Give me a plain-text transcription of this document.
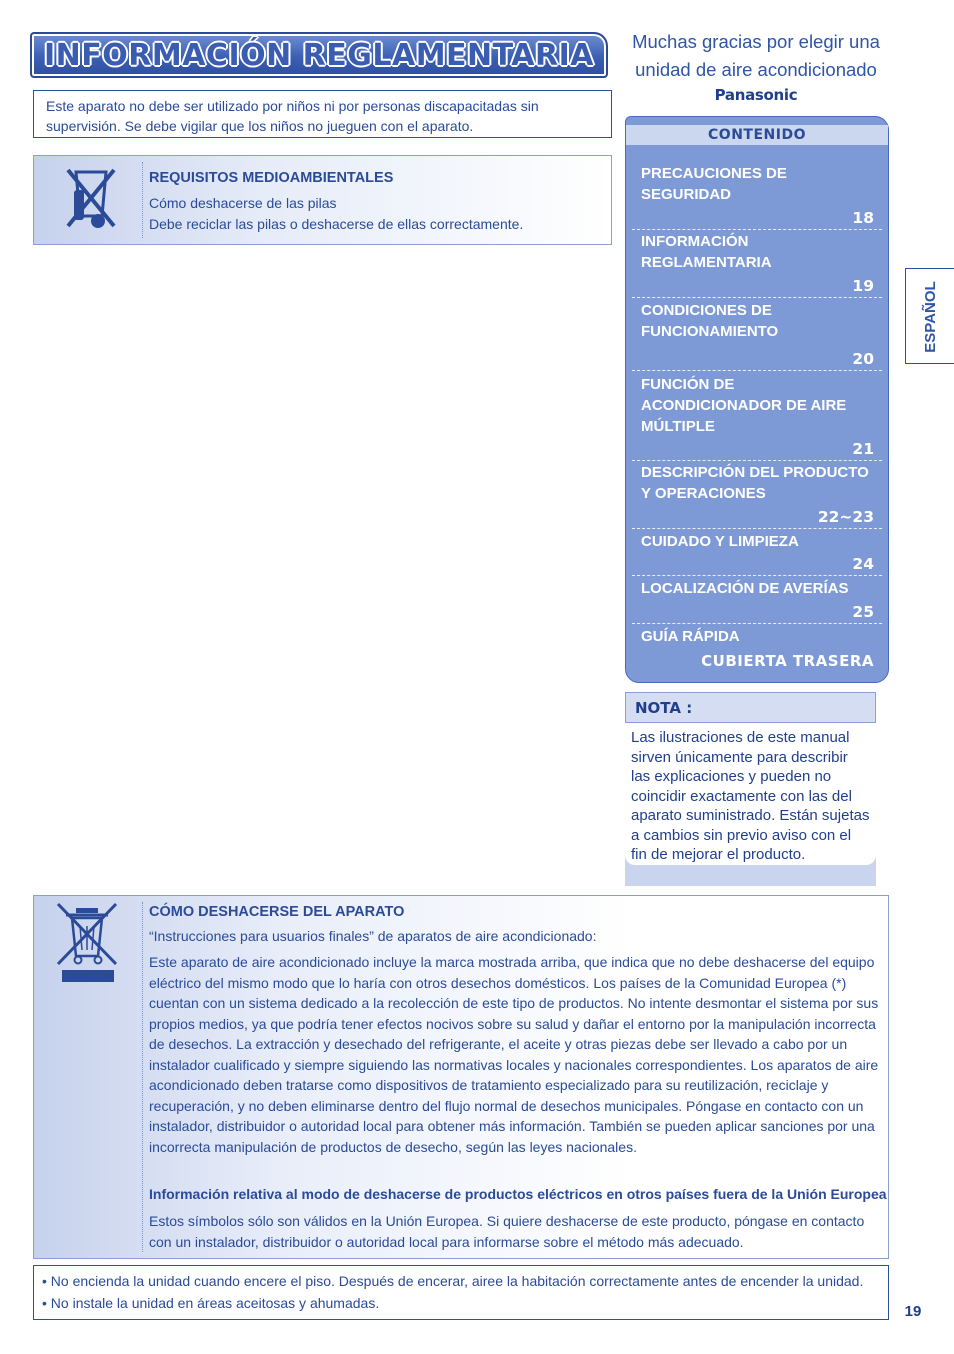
INFORMACIÓN REGLAMENTARIA	Muchas gracias por elegir una
unidad de aire acondicionado
Panasonic
Este aparato no debe ser utilizado por niños ni por personas discapacitadas sin
supervisión. Se debe vigilar que los niños no jueguen con el aparato.
REQUISITOS MEDIOAMBIENTALES
Cómo deshacerse de las pilas
Debe reciclar las pilas o deshacerse de ellas correctamente.
CONTENIDO
PRECAUCIONES DE SEGURIDAD
18
INFORMACIÓN REGLAMENTARIA
19
CONDICIONES DE FUNCIONAMIENTO
20
FUNCIÓN DE ACONDICIONADOR DE AIRE MÚLTIPLE
21
DESCRIPCIÓN DEL PRODUCTO Y OPERACIONES
22~23
CUIDADO Y LIMPIEZA
24
LOCALIZACIÓN DE AVERÍAS
25
GUÍA RÁPIDA
CUBIERTA TRASERA
NOTA :
Las ilustraciones de este manual sirven únicamente para describir las explicaciones y pueden no coincidir exactamente con las del aparato suministrado. Están sujetas a cambios sin previo aviso con el fin de mejorar el producto.
ESPAÑOL
CÓMO DESHACERSE DEL APARATO
“Instrucciones para usuarios finales” de aparatos de aire acondicionado:
Este aparato de aire acondicionado incluye la marca mostrada arriba, que indica que no debe deshacerse del equipo eléctrico del mismo modo que lo haría con otros desechos domésticos. Los países de la Comunidad Europea (*) cuentan con un sistema dedicado a la recolección de este tipo de productos. No intente desmontar el sistema por sus propios medios, ya que podría tener efectos nocivos sobre su salud y dañar el entorno por la manipulación incorrecta de desechos. La extracción y desechado del refrigerante, el aceite y otras piezas debe ser llevado a cabo por un instalador cualificado y siempre siguiendo las normativas locales y nacionales correspondientes. Los aparatos de aire acondicionado deben tratarse como dispositivos de tratamiento especializado para su reutilización, reciclaje y recuperación, y no deben eliminarse dentro del flujo normal de desechos municipales. Póngase en contacto con un instalador, distribuidor o autoridad local para obtener más información. También se pueden aplicar sanciones por una incorrecta manipulación de productos de desecho, según las leyes nacionales.
Información relativa al modo de deshacerse de productos eléctricos en otros países fuera de la Unión Europea
Estos símbolos sólo son válidos en la Unión Europea. Si quiere deshacerse de este producto, póngase en contacto con un instalador, distribuidor o autoridad local para informarse sobre el método más adecuado.
• No encienda la unidad cuando encere el piso. Después de encerar, airee la habitación correctamente antes de encender la unidad.
• No instale la unidad en áreas aceitosas y ahumadas.
19
